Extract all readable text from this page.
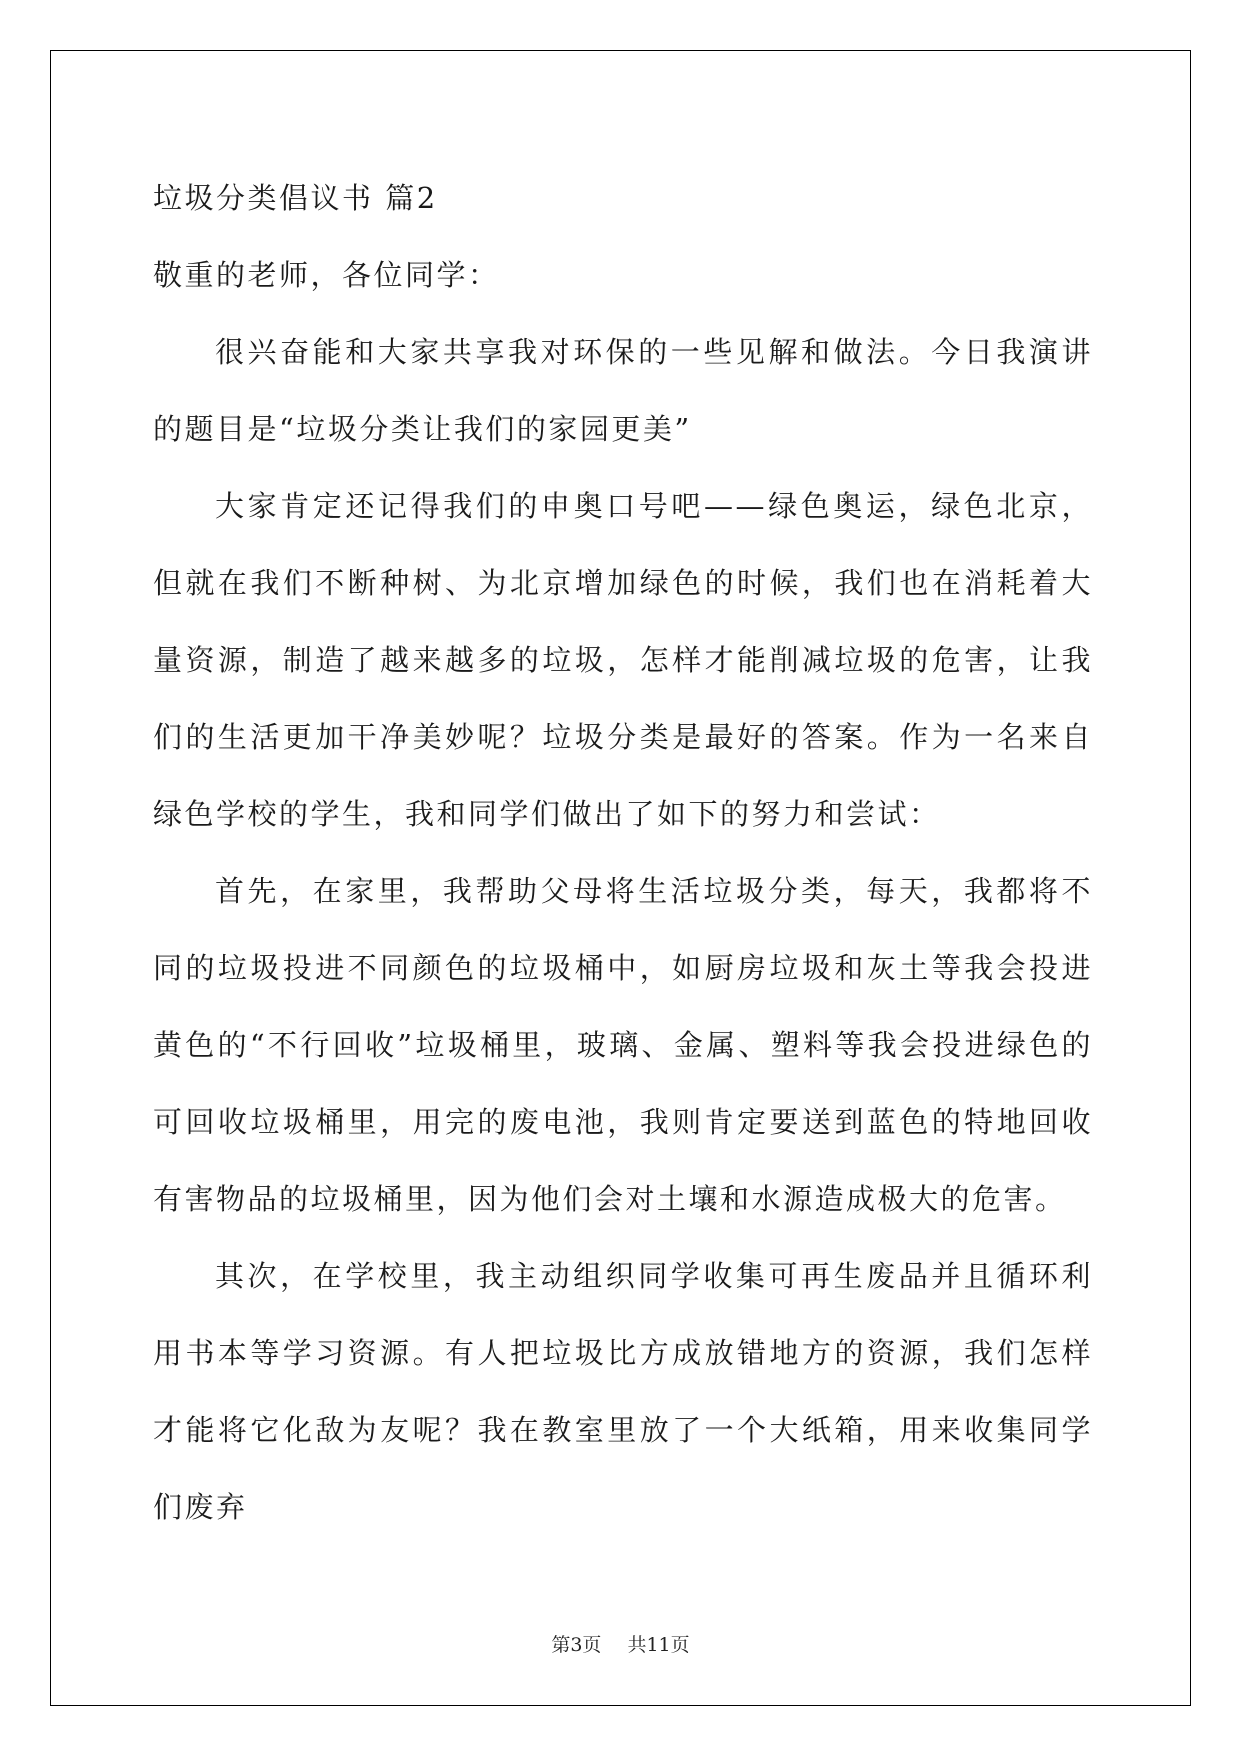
垃圾分类倡议书 篇2

敬重的老师，各位同学：

很兴奋能和大家共享我对环保的一些见解和做法。今日我演讲的题目是“垃圾分类让我们的家园更美”

大家肯定还记得我们的申奥口号吧——绿色奥运，绿色北京，但就在我们不断种树、为北京增加绿色的时候，我们也在消耗着大量资源，制造了越来越多的垃圾，怎样才能削减垃圾的危害，让我们的生活更加干净美妙呢？垃圾分类是最好的答案。作为一名来自绿色学校的学生，我和同学们做出了如下的努力和尝试：

首先，在家里，我帮助父母将生活垃圾分类，每天，我都将不同的垃圾投进不同颜色的垃圾桶中，如厨房垃圾和灰土等我会投进黄色的“不行回收”垃圾桶里，玻璃、金属、塑料等我会投进绿色的可回收垃圾桶里，用完的废电池，我则肯定要送到蓝色的特地回收有害物品的垃圾桶里，因为他们会对土壤和水源造成极大的危害。

其次，在学校里，我主动组织同学收集可再生废品并且循环利用书本等学习资源。有人把垃圾比方成放错地方的资源，我们怎样才能将它化敌为友呢？我在教室里放了一个大纸箱，用来收集同学们废弃

第3页 共11页
